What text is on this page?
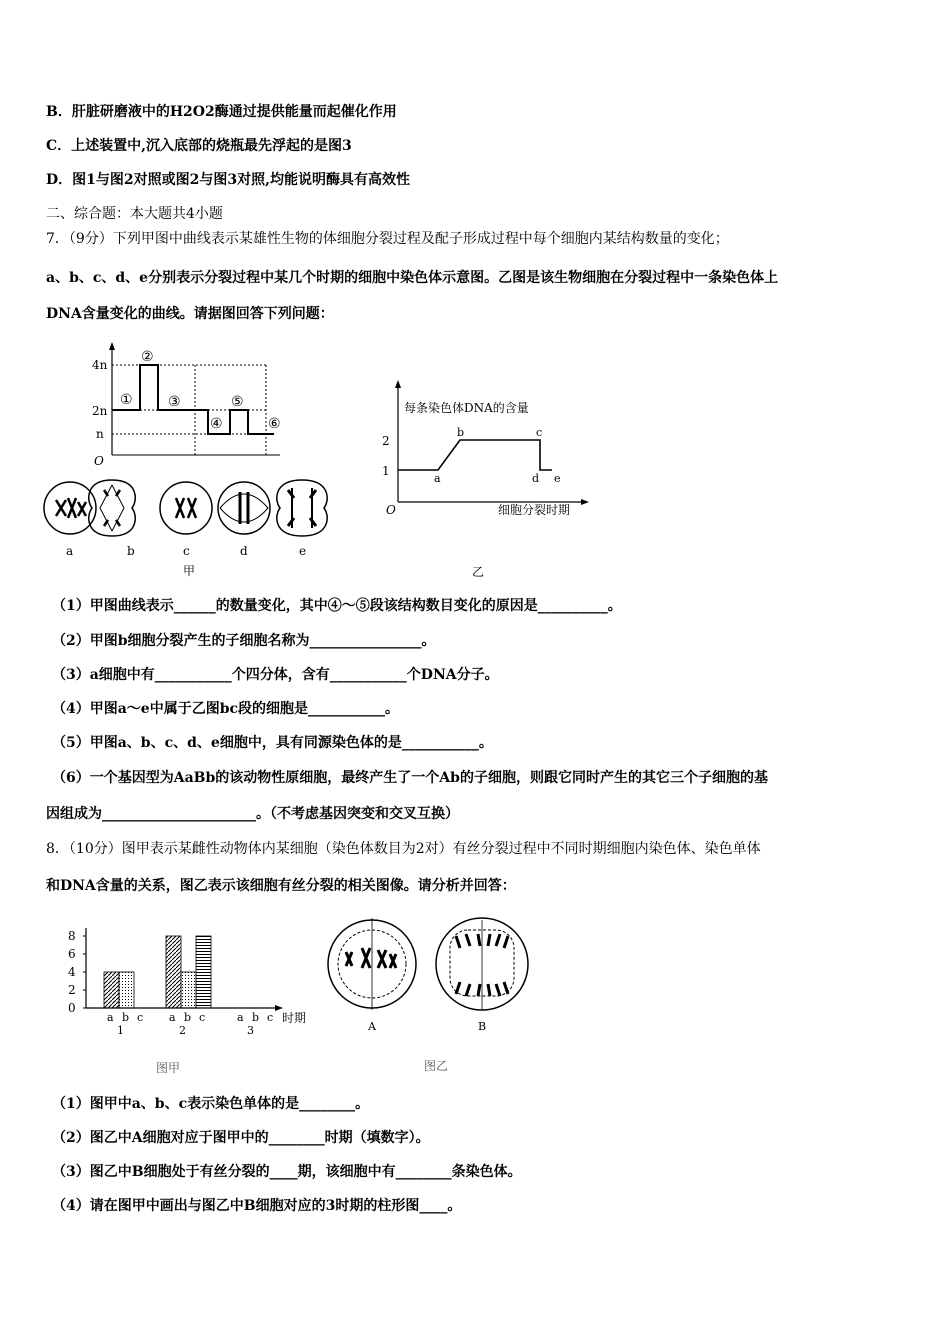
B．肝脏研磨液中的H2O2酶通过提供能量而起催化作用
C．上述装置中,沉入底部的烧瓶最先浮起的是图3
D．图1与图2对照或图2与图3对照,均能说明酶具有高效性
二、综合题：本大题共4小题
7．（9分）下列甲图中曲线表示某雄性生物的体细胞分裂过程及配子形成过程中每个细胞内某结构数量的变化；
a、b、c、d、e分别表示分裂过程中某几个时期的细胞中染色体示意图。乙图是该生物细胞在分裂过程中一条染色体上
DNA含量变化的曲线。请据图回答下列问题：
4n
2n
n
O
①
②
③
④
⑤
⑥
a	b	c	d	e
甲
每条染色体DNA的含量
2
1
O
a
b	c
d e
细胞分裂时期
乙
（1）甲图曲线表示______的数量变化，其中④～⑤段该结构数目变化的原因是__________。
（2）甲图b细胞分裂产生的子细胞名称为________________。
（3）a细胞中有___________个四分体，含有___________个DNA分子。
（4）甲图a～e中属于乙图bc段的细胞是___________。
（5）甲图a、b、c、d、e细胞中，具有同源染色体的是___________。
（6）一个基因型为AaBb的该动物性原细胞，最终产生了一个Ab的子细胞，则跟它同时产生的其它三个子细胞的基
因组成为______________________。（不考虑基因突变和交叉互换）
8．（10分）图甲表示某雌性动物体内某细胞（染色体数目为2对）有丝分裂过程中不同时期细胞内染色体、染色单体
和DNA含量的关系，图乙表示该细胞有丝分裂的相关图像。请分析并回答：
8
6
4
2
0
a b c
1
a b c
2
a b c
3
时期
图甲
A	B
图乙
（1）图甲中a、b、c表示染色单体的是________。
（2）图乙中A细胞对应于图甲中的________时期（填数字）。
（3）图乙中B细胞处于有丝分裂的____期，该细胞中有________条染色体。
（4）请在图甲中画出与图乙中B细胞对应的3时期的柱形图____。
